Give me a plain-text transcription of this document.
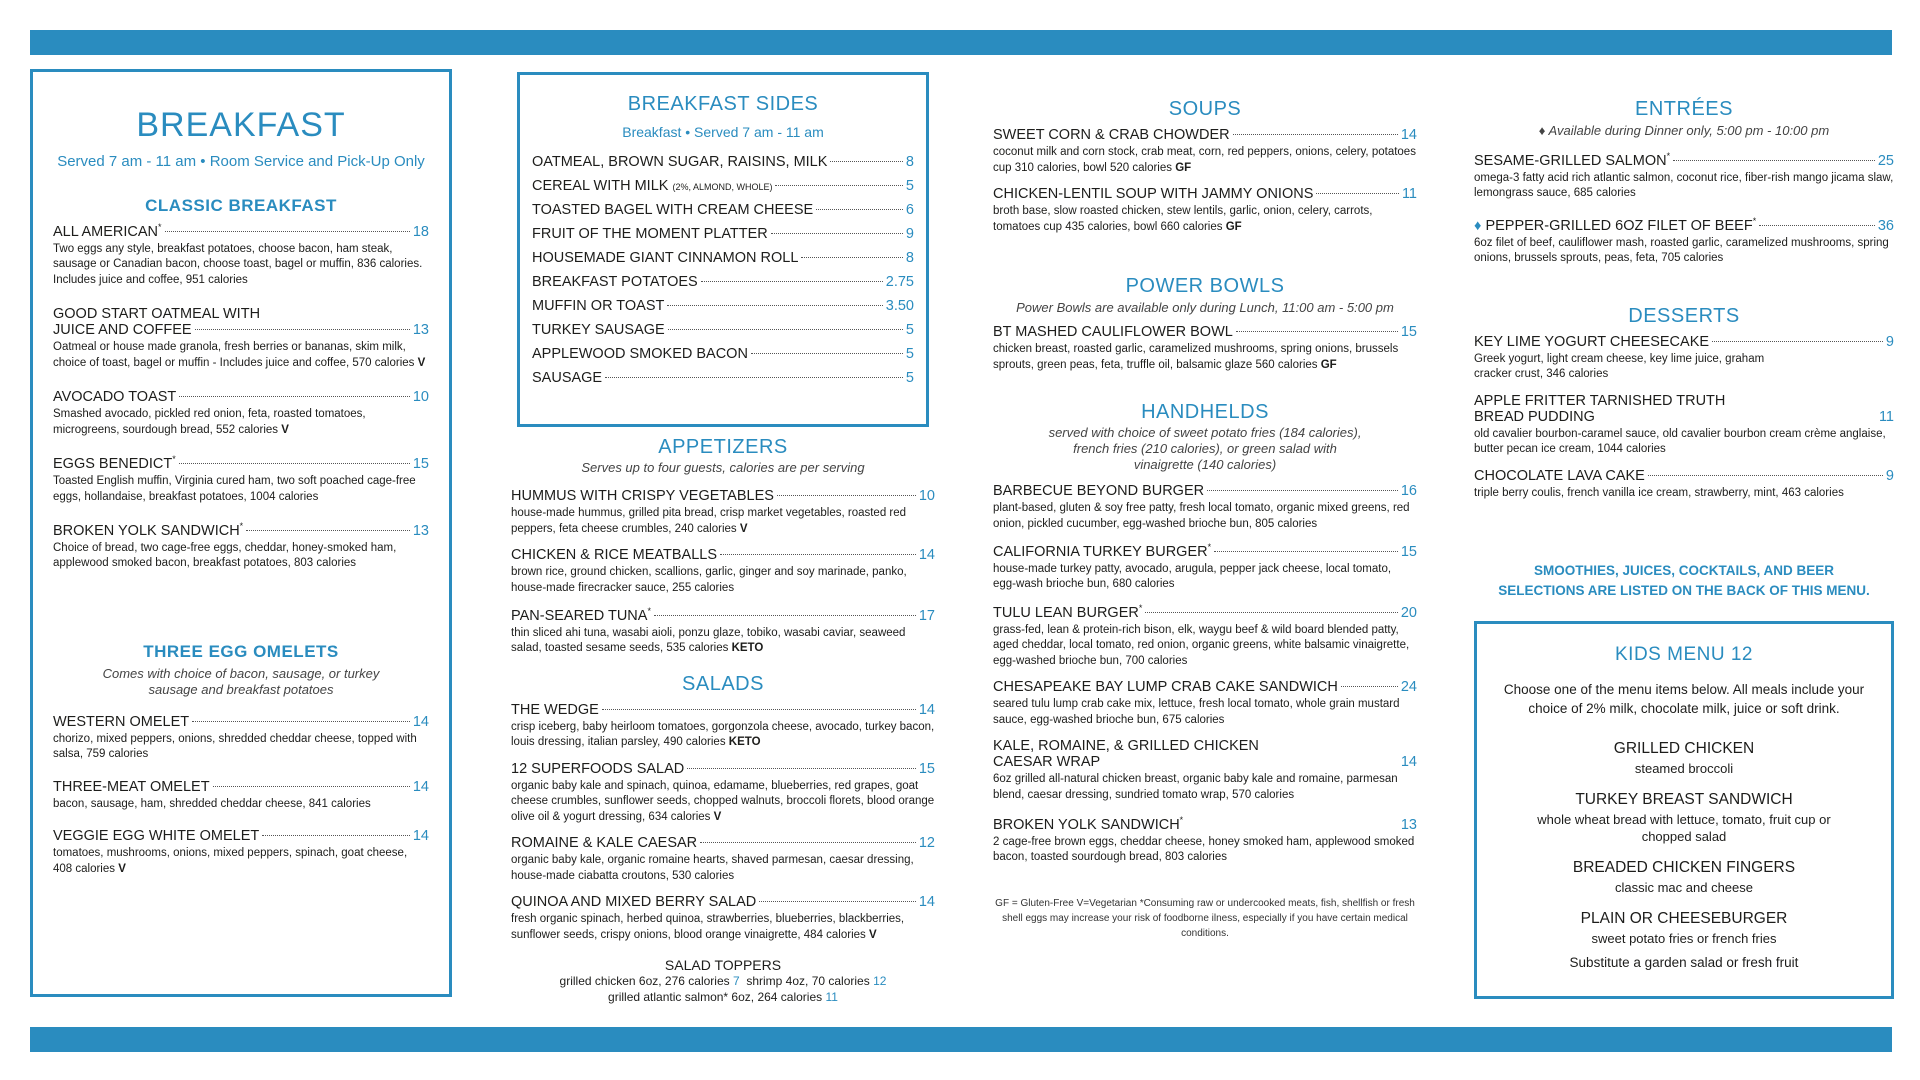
BREAKFAST
Served 7 am - 11 am • Room Service and Pick-Up Only
CLASSIC BREAKFAST
ALL AMERICAN*	18
Two eggs any style, breakfast potatoes, choose bacon, ham steak, sausage or Canadian bacon, choose toast, bagel or muffin, 836 calories. Includes juice and coffee, 951 calories
GOOD START OATMEAL WITH
JUICE AND COFFEE	13
Oatmeal or house made granola, fresh berries or bananas, skim milk, choice of toast, bagel or muffin - Includes juice and coffee, 570 calories V
AVOCADO TOAST	10
Smashed avocado, pickled red onion, feta, roasted tomatoes, microgreens, sourdough bread, 552 calories V
EGGS BENEDICT*	15
Toasted English muffin, Virginia cured ham, two soft poached cage-free eggs, hollandaise, breakfast potatoes, 1004 calories
BROKEN YOLK SANDWICH*	13
Choice of bread, two cage-free eggs, cheddar, honey-smoked ham, applewood smoked bacon, breakfast potatoes, 803 calories
THREE EGG OMELETS
Comes with choice of bacon, sausage, or turkey sausage and breakfast potatoes
WESTERN OMELET	14
chorizo, mixed peppers, onions, shredded cheddar cheese, topped with salsa, 759 calories
THREE-MEAT OMELET	14
bacon, sausage, ham, shredded cheddar cheese, 841 calories
VEGGIE EGG WHITE OMELET	14
tomatoes, mushrooms, onions, mixed peppers, spinach, goat cheese, 408 calories V
BREAKFAST SIDES
Breakfast • Served 7 am - 11 am
OATMEAL, BROWN SUGAR, RAISINS, MILK	8
CEREAL WITH MILK (2%, ALMOND, WHOLE)	5
TOASTED BAGEL WITH CREAM CHEESE	6
FRUIT OF THE MOMENT PLATTER	9
HOUSEMADE GIANT CINNAMON ROLL	8
BREAKFAST POTATOES	2.75
MUFFIN OR TOAST	3.50
TURKEY SAUSAGE	5
APPLEWOOD SMOKED BACON	5
SAUSAGE	5
APPETIZERS
Serves up to four guests, calories are per serving
HUMMUS WITH CRISPY VEGETABLES	10
house-made hummus, grilled pita bread, crisp market vegetables, roasted red peppers, feta cheese crumbles, 240 calories V
CHICKEN & RICE MEATBALLS	14
brown rice, ground chicken, scallions, garlic, ginger and soy marinade, panko, house-made firecracker sauce, 255 calories
PAN-SEARED TUNA*	17
thin sliced ahi tuna, wasabi aioli, ponzu glaze, tobiko, wasabi caviar, seaweed salad, toasted sesame seeds, 535 calories KETO
SALADS
THE WEDGE	14
crisp iceberg, baby heirloom tomatoes, gorgonzola cheese, avocado, turkey bacon, louis dressing, italian parsley, 490 calories KETO
12 SUPERFOODS SALAD	15
organic baby kale and spinach, quinoa, edamame, blueberries, red grapes, goat cheese crumbles, sunflower seeds, chopped walnuts, broccoli florets, blood orange olive oil & yogurt dressing, 634 calories V
ROMAINE & KALE CAESAR	12
organic baby kale, organic romaine hearts, shaved parmesan, caesar dressing, house-made ciabatta croutons, 530 calories
QUINOA AND MIXED BERRY SALAD	14
fresh organic spinach, herbed quinoa, strawberries, blueberries, blackberries, sunflower seeds, crispy onions, blood orange vinaigrette, 484 calories V
SALAD TOPPERS
grilled chicken 6oz, 276 calories 7 shrimp 4oz, 70 calories 12
grilled atlantic salmon* 6oz, 264 calories 11
SOUPS
SWEET CORN & CRAB CHOWDER	14
coconut milk and corn stock, crab meat, corn, red peppers, onions, celery, potatoes cup 310 calories, bowl 520 calories GF
CHICKEN-LENTIL SOUP WITH JAMMY ONIONS	11
broth base, slow roasted chicken, stew lentils, garlic, onion, celery, carrots, tomatoes cup 435 calories, bowl 660 calories GF
POWER BOWLS
Power Bowls are available only during Lunch, 11:00 am - 5:00 pm
BT MASHED CAULIFLOWER BOWL	15
chicken breast, roasted garlic, caramelized mushrooms, spring onions, brussels sprouts, green peas, feta, truffle oil, balsamic glaze 560 calories GF
HANDHELDS
served with choice of sweet potato fries (184 calories), french fries (210 calories), or green salad with vinaigrette (140 calories)
BARBECUE BEYOND BURGER	16
plant-based, gluten & soy free patty, fresh local tomato, organic mixed greens, red onion, pickled cucumber, egg-washed brioche bun, 805 calories
CALIFORNIA TURKEY BURGER*	15
house-made turkey patty, avocado, arugula, pepper jack cheese, local tomato, egg-wash brioche bun, 680 calories
TULU LEAN BURGER*	20
grass-fed, lean & protein-rich bison, elk, waygu beef & wild board blended patty, aged cheddar, local tomato, red onion, organic greens, white balsamic vinaigrette, egg-washed brioche bun, 700 calories
CHESAPEAKE BAY LUMP CRAB CAKE SANDWICH	24
seared tulu lump crab cake mix, lettuce, fresh local tomato, whole grain mustard sauce, egg-washed brioche bun, 675 calories
KALE, ROMAINE, & GRILLED CHICKEN
CAESAR WRAP	14
6oz grilled all-natural chicken breast, organic baby kale and romaine, parmesan blend, caesar dressing, sundried tomato wrap, 570 calories
BROKEN YOLK SANDWICH*	13
2 cage-free brown eggs, cheddar cheese, honey smoked ham, applewood smoked bacon, toasted sourdough bread, 803 calories
GF = Gluten-Free V=Vegetarian *Consuming raw or undercooked meats, fish, shellfish or fresh shell eggs may increase your risk of foodborne ilness, especially if you have certain medical conditions.
ENTRÉES
♦ Available during Dinner only, 5:00 pm - 10:00 pm
SESAME-GRILLED SALMON*	25
omega-3 fatty acid rich atlantic salmon, coconut rice, fiber-rish mango jicama slaw, lemongrass sauce, 685 calories
♦ PEPPER-GRILLED 6OZ FILET OF BEEF*	36
6oz filet of beef, cauliflower mash, roasted garlic, caramelized mushrooms, spring onions, brussels sprouts, peas, feta, 705 calories
DESSERTS
KEY LIME YOGURT CHEESECAKE	9
Greek yogurt, light cream cheese, key lime juice, graham cracker crust, 346 calories
APPLE FRITTER TARNISHED TRUTH
BREAD PUDDING	11
old cavalier bourbon-caramel sauce, old cavalier bourbon cream crème anglaise, butter pecan ice cream, 1044 calories
CHOCOLATE LAVA CAKE	9
triple berry coulis, french vanilla ice cream, strawberry, mint, 463 calories
SMOOTHIES, JUICES, COCKTAILS, AND BEER
SELECTIONS ARE LISTED ON THE BACK OF THIS MENU.
KIDS MENU 12
Choose one of the menu items below. All meals include your choice of 2% milk, chocolate milk, juice or soft drink.
GRILLED CHICKEN
steamed broccoli
TURKEY BREAST SANDWICH
whole wheat bread with lettuce, tomato, fruit cup or chopped salad
BREADED CHICKEN FINGERS
classic mac and cheese
PLAIN OR CHEESEBURGER
sweet potato fries or french fries
Substitute a garden salad or fresh fruit
